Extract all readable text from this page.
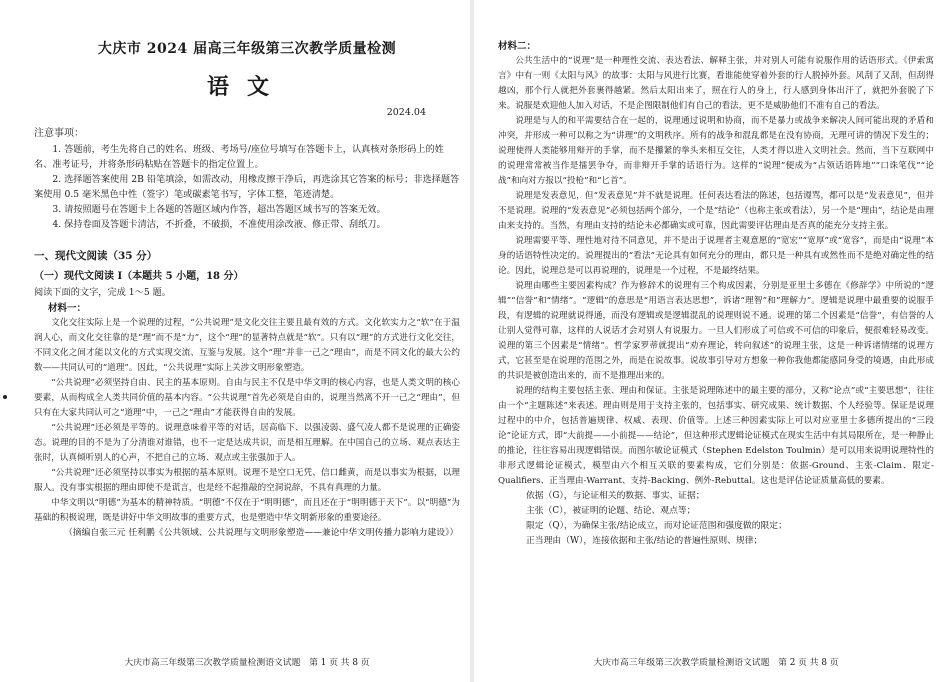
大庆市 2024 届高三年级第三次教学质量检测
语文
2024.04
注意事项：

1. 答题前，考生先将自己的姓名、班级、考场号/座位号填写在答题卡上，认真核对条形码上的姓名、准考证号，并将条形码粘贴在答题卡的指定位置上。

2. 选择题答案使用 2B 铅笔填涂，如需改动，用橡皮擦干净后，再选涂其它答案的标号；非选择题答案使用 0.5 毫米黑色中性（签字）笔或碳素笔书写，字体工整，笔迹清楚。

3. 请按照题号在答题卡上各题的答题区域内作答，超出答题区域书写的答案无效。

4. 保持卷面及答题卡清洁，不折叠，不破损，不准使用涂改液、修正带、刮纸刀。

一、现代文阅读（35 分）
（一）现代文阅读 I（本题共 5 小题，18 分）
阅读下面的文字，完成 1～5 题。
材料一：

文化交往实际上是一个说理的过程，“公共说理”是文化交往主要且最有效的方式。文化软实力之“软”在于温润人心，而文化交往靠的是“理”而不是“力”，这个“理”的显著特点就是“软”。只有以“理”的方式进行文化交往，不同文化之间才能以文化的方式实现交流、互鉴与发展。这个“理”并非一己之“理由”，而是不同文化的最大公约数——共同认可的“道理”。因此，“公共说理”实际上关涉文明形象塑造。

“公共说理”必须坚持自由、民主的基本原则。自由与民主不仅是中华文明的核心内容，也是人类文明的核心要素，从而构成全人类共同价值的基本内容。“公共说理”首先必须是自由的，说理当然离不开一己之“理由”，但只有在大家共同认可之“道理”中，一己之“理由”才能获得自由的发展。

“公共说理”还必须是平等的。说理意味着平等的对话，居高临下、以强凌弱、盛气凌人都不是说理的正确姿态。说理的目的不是为了分清谁对谁错，也不一定是达成共识，而是相互理解。在中国自己的立场、观点表达主张时，认真倾听别人的心声，不把自己的立场、观点或主张强加于人。

“公共说理”还必须坚持以事实为根据的基本原则。说理不是空口无凭、信口雌黄，而是以事实为根据，以理服人。没有事实根据的理由即使不是谎言，也是经不起推敲的空洞说辞，不具有真理的力量。

中华文明以“明德”为基本的精神特质。“明德”不仅在于“明明德”，而且还在于“明明德于天下”。以“明德”为基础的积极说理，既是讲好中华文明故事的重要方式，也是塑造中华文明新形象的重要途径。

（摘编自张三元 任利鹏《公共领域、公共说理与文明形象塑造——兼论中华文明传播力影响力建设》）

大庆市高三年级第三次教学质量检测语文试题　第 1 页 共 8 页
材料二：

公共生活中的“说理”是一种理性交流、表达看法、解释主张，并对别人可能有说服作用的话语形式。《伊索寓言》中有一则《太阳与风》的故事：太阳与风进行比赛，看谁能使穿着外套的行人脱掉外套。风刮了又刮，但刮得越凶，那个行人就把外套裹得越紧。然后太阳出来了，照在行人的身上，行人感到身体出汗了，就把外套脱了下来。说服是欢迎他人加入对话，不是企图限制他们有自己的看法，更不是威胁他们不准有自己的看法。

说理是与人的和平需要结合在一起的，说理通过说明和协商，而不是暴力或战争来解决人间可能出现的矛盾和冲突，并形成一种可以称之为“讲理”的文明秩序。所有的战争和混乱都是在没有协商，无理可讲的情况下发生的；说理使得人类能够用辩开的手掌，而不是攥紧的拳头来相互交往，人类才得以进入文明社会。然而，当下互联网中的说理常常被当作是擂罢争夺，而非辩开手掌的话语行为。这样的“说理”便成为“占领话语阵地”“口诛笔伐”“论战”和向对方报以“投枪”和“匕首”。

说理是发表意见，但“发表意见”并不就是说理。任何表达看法的陈述，包括谩骂，都可以是“发表意见”，但并不是说理。说理的“发表意见”必须包括两个部分，一个是“结论”（也称主张或看法），另一个是“理由”，结论是由理由来支持的。当然，有理由支持的结论未必都确实或可靠，因此需要评估理由是否真的能充分支持主张。

说理需要平等、理性地对待不同意见，并不是出于说理者主观意愿的“宽宏”“宽厚”或“宽容”，而是由“说理”本身的话语特性决定的。说理提出的“看法”无论具有如何充分的理由，都只是一种具有或然性而不是绝对确定性的结论。因此，说理总是可以再说理的，说理是一个过程，不是最终结果。

说理由哪些主要因素构成？作为修辞术的说理有三个构成因素，分别是亚里士多德在《修辞学》中所说的“逻辑”“信誉”和“情绪”。“逻辑”的意思是“用语言表达思想”，诉诸“理智”和“理解力”。逻辑是说理中最重要的说服手段，有逻辑的说理就说得通，而没有逻辑或是逻辑混乱的说理则说不通。说理的第二个因素是“信誉”，有信誉的人让别人觉得可靠，这样的人说话才会对别人有说服力。一旦人们形成了可信或不可信的印象后，便很难轻易改变。说理的第三个因素是“情绪”。哲学家罗蒂就提出“劝弃理论，转向叙述”的说理主张，这是一种诉诸情绪的说理方式，它甚至是在说理的范围之外，而是在说故事。说故事引导对方想象一种你我他都能感同身受的境遇，由此形成的共识是被创造出来的，而不是推理出来的。

说理的结构主要包括主张、理由和保证。主张是说理陈述中的最主要的部分，又称“论点”或“主要思想”，往往由一个“主题陈述”来表述。理由则是用于支持主张的，包括事实、研究成果、统计数据、个人经验等。保证是说理过程中的中介，包括普遍规律、权威、表现、价值等。上述三种因素实际上可以对应亚里士多德所提出的“三段论”论证方式，即“大前提——小前提——结论”，但这种形式逻辑论证模式在现实生活中有其局限所在，是一种静止的推论，往往容易出现逻辑错误。而图尔敏论证模式（Stephen Edelston Toulmin）是可以用来说明说理特性的非形式逻辑论证模式，模型由六个相互关联的要素构成，它们分别是：依据-Ground、主张-Claim、限定-Qualifiers、正当理由-Warrant、支持-Backing、例外-Rebuttal。这也是评估论证质量高低的要素。

依据（G），与论证相关的数据、事实、证据；

主张（C），被证明的论题、结论、观点等；

限定（Q），为确保主张/结论成立，而对论证范围和强度做的限定；

正当理由（W），连接依据和主张/结论的普遍性原则、规律；

大庆市高三年级第三次教学质量检测语文试题　第 2 页 共 8 页
